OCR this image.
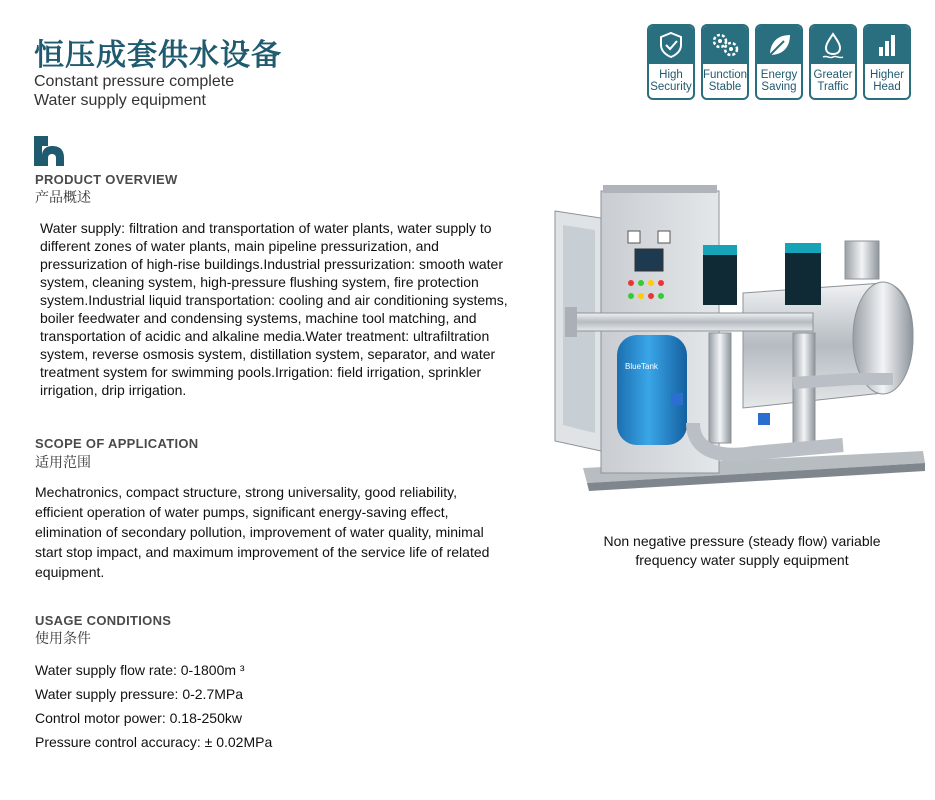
恒压成套供水设备
Constant pressure complete
Water supply equipment
High
Security
Function
Stable
Energy
Saving
Greater
Traffic
Higher
Head
PRODUCT OVERVIEW
产品概述
Water supply: filtration and transportation of water plants, water supply to different zones of water plants, main pipeline pressurization, and pressurization of high-rise buildings.Industrial pressurization: smooth water system, cleaning system, high-pressure flushing system, fire protection system.Industrial liquid transportation: cooling and air conditioning systems, boiler feedwater and condensing systems, machine tool matching, and transportation of acidic and alkaline media.Water treatment: ultrafiltration system, reverse osmosis system, distillation system, separator, and water treatment system for swimming pools.Irrigation: field irrigation, sprinkler irrigation, drip irrigation.
SCOPE OF APPLICATION
适用范围
Mechatronics, compact structure, strong universality, good reliability, efficient operation of water pumps, significant energy-saving effect, elimination of secondary pollution, improvement of water quality, minimal start stop impact, and maximum improvement of the service life of related equipment.
USAGE CONDITIONS
使用条件
Water supply flow rate: 0-1800m ³
Water supply pressure: 0-2.7MPa
Control motor power: 0.18-250kw
Pressure control accuracy: ± 0.02MPa
BlueTank
Non negative pressure (steady flow) variable frequency water supply equipment
